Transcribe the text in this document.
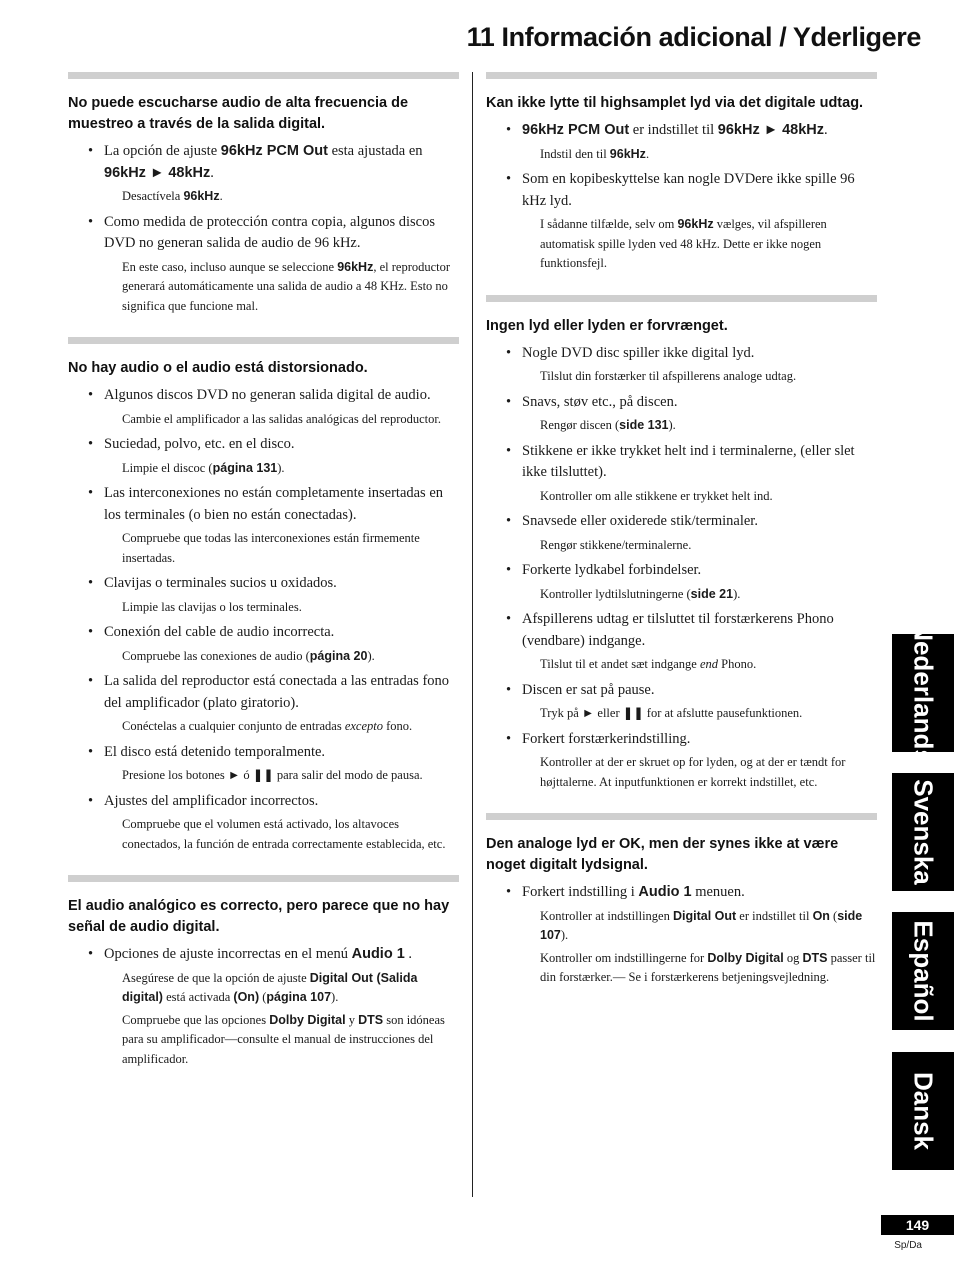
11 Información adicional / Yderligere
No puede escucharse audio de alta frecuencia de muestreo a través de la salida digital.
• La opción de ajuste 96kHz PCM Out esta ajustada en 96kHz ► 48kHz.
Desactívela 96kHz.
• Como medida de protección contra copia, algunos discos DVD no generan salida de audio de 96 kHz.
En este caso, incluso aunque se seleccione 96kHz, el reproductor generará automáticamente una salida de audio a 48 KHz. Esto no significa que funcione mal.
No hay audio o el audio está distorsionado.
• Algunos discos DVD no generan salida digital de audio.
Cambie el amplificador a las salidas analógicas del reproductor.
• Suciedad, polvo, etc. en el disco.
Limpie el discoc (página 131).
• Las interconexiones no están completamente insertadas en los terminales (o bien no están conectadas).
Compruebe que todas las interconexiones están firmemente insertadas.
• Clavijas o terminales sucios u oxidados.
Limpie las clavijas o los terminales.
• Conexión del cable de audio incorrecta.
Compruebe las conexiones de audio (página 20).
• La salida del reproductor está conectada a las entradas fono del amplificador (plato giratorio).
Conéctelas a cualquier conjunto de entradas excepto fono.
• El disco está detenido temporalmente.
Presione los botones ► ó ❚❚ para salir del modo de pausa.
• Ajustes del amplificador incorrectos.
Compruebe que el volumen está activado, los altavoces conectados, la función de entrada correctamente establecida, etc.
El audio analógico es correcto, pero parece que no hay señal de audio digital.
• Opciones de ajuste incorrectas en el menú Audio 1 .
Asegúrese de que la opción de ajuste Digital Out (Salida digital) está activada (On) (página 107).
Compruebe que las opciones Dolby Digital y DTS son idóneas para su amplificador—consulte el manual de instrucciones del amplificador.
Kan ikke lytte til highsamplet lyd via det digitale udtag.
• 96kHz PCM Out er indstillet til 96kHz ► 48kHz.
Indstil den til 96kHz.
• Som en kopibeskyttelse kan nogle DVDere ikke spille 96 kHz lyd.
I sådanne tilfælde, selv om 96kHz vælges, vil afspilleren automatisk spille lyden ved 48 kHz. Dette er ikke nogen funktionsfejl.
Ingen lyd eller lyden er forvrænget.
• Nogle DVD disc spiller ikke digital lyd.
Tilslut din forstærker til afspillerens analoge udtag.
• Snavs, støv etc., på discen.
Rengør discen (side 131).
• Stikkene er ikke trykket helt ind i terminalerne, (eller slet ikke tilsluttet).
Kontroller om alle stikkene er trykket helt ind.
• Snavsede eller oxiderede stik/terminaler.
Rengør stikkene/terminalerne.
• Forkerte lydkabel forbindelser.
Kontroller lydtilslutningerne (side 21).
• Afspillerens udtag er tilsluttet til forstærkerens Phono (vendbare) indgange.
Tilslut til et andet sæt indgange end Phono.
• Discen er sat på pause.
Tryk på ► eller ❚❚ for at afslutte pausefunktionen.
• Forkert forstærkerindstilling.
Kontroller at der er skruet op for lyden, og at der er tændt for højttalerne. At inputfunktionen er korrekt indstillet, etc.
Den analoge lyd er OK, men der synes ikke at være noget digitalt lydsignal.
• Forkert indstilling i Audio 1 menuen.
Kontroller at indstillingen Digital Out er indstillet til On (side 107).
Kontroller om indstillingerne for Dolby Digital og DTS passer til din forstærker.— Se i forstærkerens betjeningsvejledning.
Nederlands
Svenska
Español
Dansk
149
Sp/Da
